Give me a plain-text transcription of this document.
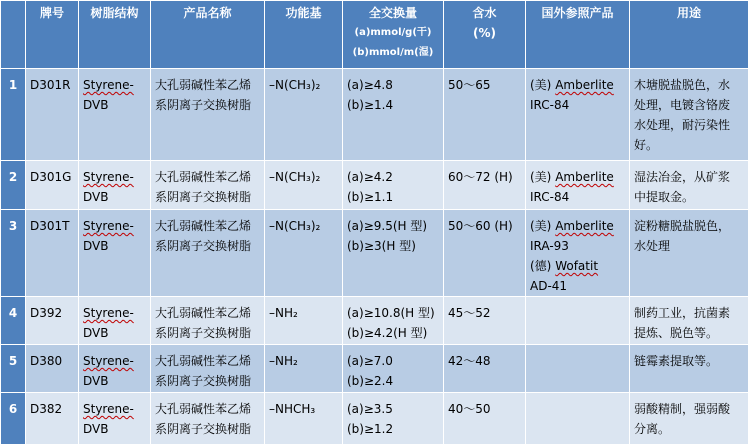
	牌号	树脂结构	产品名称	功能基	全交换量
(a)mmol/g(干)
(b)mmol/m(湿)	含水
(%)	国外参照产品	用途
1	D301R	Styrene-
DVB	大孔弱碱性苯乙烯
系阴离子交换树脂	–N(CH₃)₂	(a)≥4.8
(b)≥1.4	50～65	(美) Amberlite
IRC-84	木塘脱盐脱色，水
处理，电镀含铬废
水处理，耐污染性
好。

2	D301G	Styrene-
DVB	大孔弱碱性苯乙烯
系阴离子交换树脂	–N(CH₃)₂	(a)≥4.2
(b)≥1.1	60～72 (H)	(美) Amberlite
IRC-84	湿法冶金，从矿浆
中提取金。

3	D301T	Styrene-
DVB	大孔弱碱性苯乙烯
系阴离子交换树脂	–N(CH₃)₂	(a)≥9.5(H 型)
(b)≥3(H 型)	50～60 (H)	(美) Amberlite
IRA-93
(德) Wofatit
AD-41	淀粉糖脱盐脱色，
水处理

4	D392	Styrene-
DVB	大孔弱碱性苯乙烯
系阴离子交换树脂	–NH₂	(a)≥10.8(H 型)
(b)≥4.2(H 型)	45～52		制药工业，抗菌素
提炼、脱色等。

5	D380	Styrene-
DVB	大孔弱碱性苯乙烯
系阴离子交换树脂	–NH₂	(a)≥7.0
(b)≥2.4	42～48		链霉素提取等。

6	D382	Styrene-
DVB	大孔弱碱性苯乙烯
系阴离子交换树脂	–NHCH₃	(a)≥3.5
(b)≥1.2	40～50		弱酸精制，强弱酸
分离。
